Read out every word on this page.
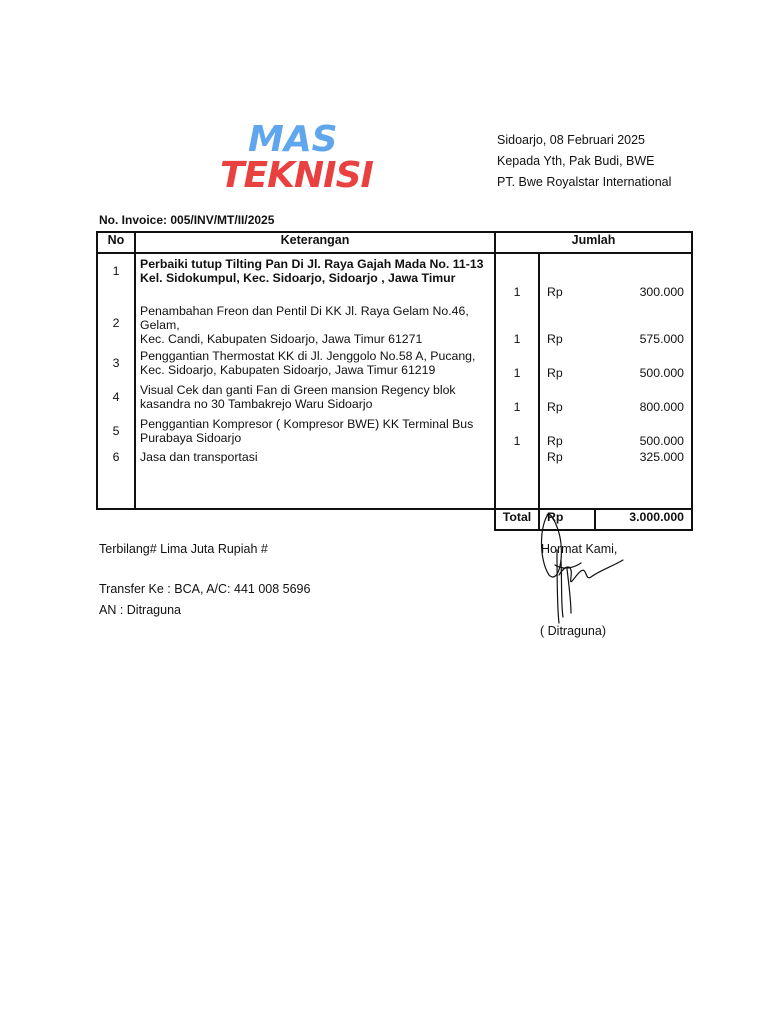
MAS
TEKNISI
Sidoarjo, 08 Februari 2025
Kepada Yth, Pak Budi, BWE
PT. Bwe Royalstar International
No. Invoice: 005/INV/MT/II/2025
No	Keterangan	Jumlah		
1	Perbaiki tutup Tilting Pan Di Jl. Raya Gajah Mada No. 11-13
Kel. Sidokumpul, Kec. Sidoarjo, Sidoarjo , Jawa Timur	1	Rp	300.000
2	Penambahan Freon dan Pentil Di KK Jl. Raya Gelam No.46,
Gelam,
Kec. Candi, Kabupaten Sidoarjo, Jawa Timur 61271	1	Rp	575.000
3	Penggantian Thermostat KK di Jl. Jenggolo No.58 A, Pucang,
Kec. Sidoarjo, Kabupaten Sidoarjo, Jawa Timur 61219	1	Rp	500.000
4	Visual Cek dan ganti Fan di Green mansion Regency blok
kasandra no 30 Tambakrejo Waru Sidoarjo	1	Rp	800.000
5	Penggantian Kompresor ( Kompresor BWE) KK Terminal Bus
Purabaya Sidoarjo	1	Rp	500.000
6	Jasa dan transportasi		Rp	325.000
		Total	Rp	3.000.000
Terbilang# Lima Juta Rupiah #
Transfer Ke : BCA, A/C: 441 008 5696
AN : Ditraguna
Hormat Kami,
( Ditraguna)
